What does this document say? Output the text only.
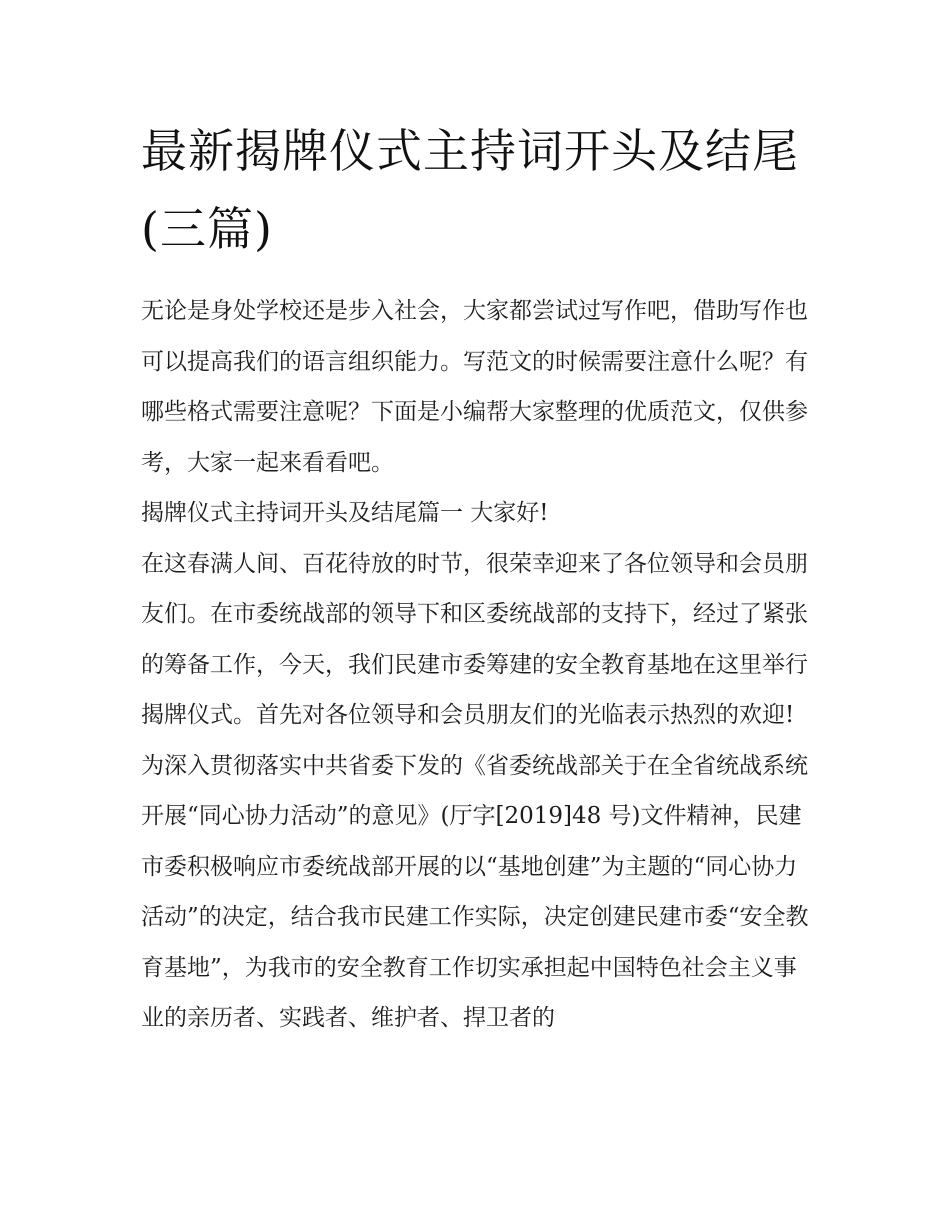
最新揭牌仪式主持词开头及结尾(三篇)

无论是身处学校还是步入社会，大家都尝试过写作吧，借助写作也可以提高我们的语言组织能力。写范文的时候需要注意什么呢？有哪些格式需要注意呢？下面是小编帮大家整理的优质范文，仅供参考，大家一起来看看吧。

揭牌仪式主持词开头及结尾篇一 大家好!

在这春满人间、百花待放的时节，很荣幸迎来了各位领导和会员朋友们。在市委统战部的领导下和区委统战部的支持下，经过了紧张的筹备工作，今天，我们民建市委筹建的安全教育基地在这里举行揭牌仪式。首先对各位领导和会员朋友们的光临表示热烈的欢迎!

为深入贯彻落实中共省委下发的《省委统战部关于在全省统战系统开展“同心协力活动”的意见》(厅字[2019]48 号)文件精神，民建市委积极响应市委统战部开展的以“基地创建”为主题的“同心协力活动”的决定，结合我市民建工作实际，决定创建民建市委“安全教育基地”，为我市的安全教育工作切实承担起中国特色社会主义事业的亲历者、实践者、维护者、捍卫者的
